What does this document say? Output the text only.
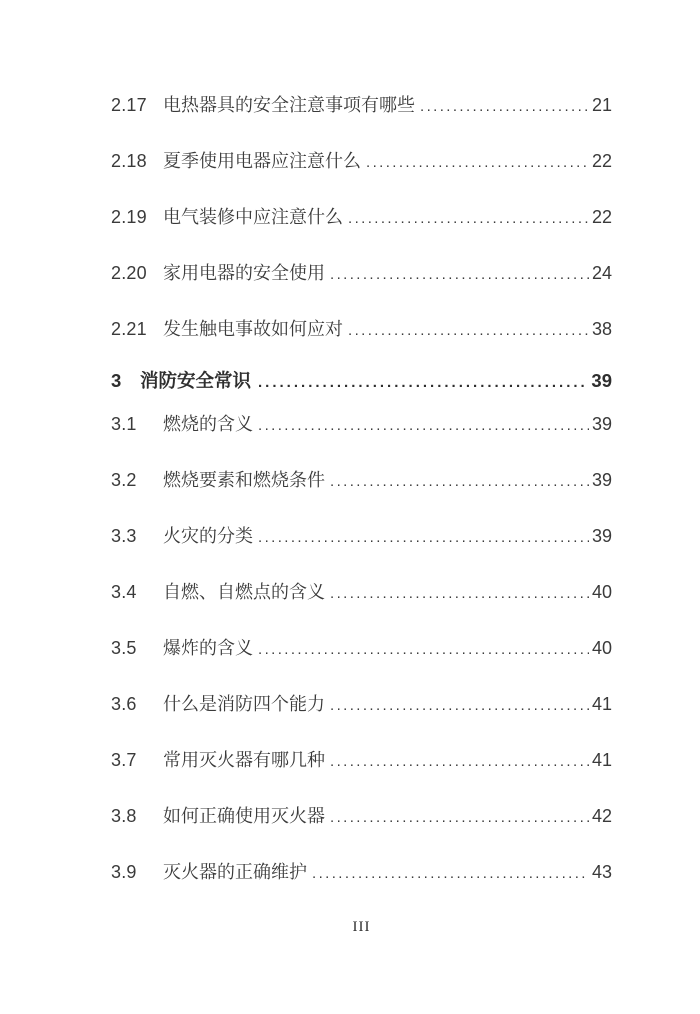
2.17 电热器具的安全注意事项有哪些 .....	21
2.18 夏季使用电器应注意什么 .....	22
2.19 电气装修中应注意什么 .....	22
2.20 家用电器的安全使用 .....	24
2.21 发生触电事故如何应对 .....	38
3	消防安全常识 .....	39
3.1	燃烧的含义 .....	39
3.2	燃烧要素和燃烧条件 .....	39
3.3	火灾的分类 .....	39
3.4	自燃、自燃点的含义 .....	40
3.5	爆炸的含义 .....	40
3.6	什么是消防四个能力 .....	41
3.7	常用灭火器有哪几种 .....	41
3.8	如何正确使用灭火器 .....	42
3.9	灭火器的正确维护 .....	43
III
